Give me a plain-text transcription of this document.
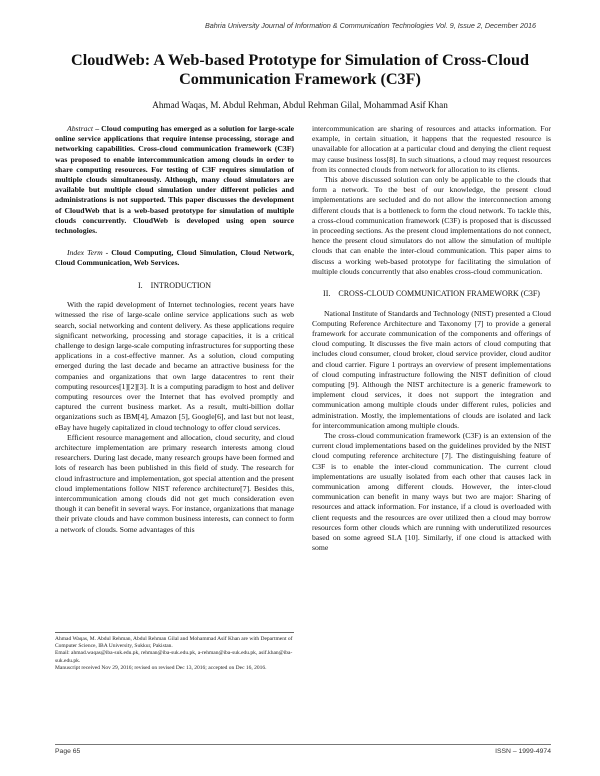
Bahria University Journal of Information & Communication Technologies Vol. 9, Issue 2, December 2016
CloudWeb: A Web-based Prototype for Simulation of Cross-Cloud Communication Framework (C3F)
Ahmad Waqas, M. Abdul Rehman, Abdul Rehman Gilal, Mohammad Asif Khan

Abstract – Cloud computing has emerged as a solution for large-scale online service applications that require intense processing, storage and networking capabilities. Cross-cloud communication framework (C3F) was proposed to enable intercommunication among clouds in order to share computing resources. For testing of C3F requires simulation of multiple clouds simultaneously. Although, many cloud simulators are available but multiple cloud simulation under different policies and administrations is not supported. This paper discusses the development of CloudWeb that is a web-based prototype for simulation of multiple clouds concurrently. CloudWeb is developed using open source technologies.

Index Term - Cloud Computing, Cloud Simulation, Cloud Network, Cloud Communication, Web Services.

I. INTRODUCTION

With the rapid development of Internet technologies, recent years have witnessed the rise of large-scale online service applications such as web search, social networking and content delivery. As these applications require significant networking, processing and storage capacities, it is a critical challenge to design large-scale computing infrastructures for supporting these applications in a cost-effective manner. As a solution, cloud computing emerged during the last decade and became an attractive business for the companies and organizations that own large datacentres to rent their computing resources[1][2][3]. It is a computing paradigm to host and deliver computing resources over the Internet that has evolved promptly and captured the current business market. As a result, multi-billion dollar organizations such as IBM[4], Amazon [5], Google[6], and last but not least, eBay have hugely capitalized in cloud technology to offer cloud services.

Efficient resource management and allocation, cloud security, and cloud architecture implementation are primary research interests among cloud researchers. During last decade, many research groups have been formed and lots of research has been published in this field of study. The research for cloud infrastructure and implementation, got special attention and the present cloud implementations follow NIST reference architecture[7]. Besides this, intercommunication among clouds did not get much consideration even though it can benefit in several ways. For instance, organizations that manage their private clouds and have common business interests, can connect to form a network of clouds. Some advantages of this

intercommunication are sharing of resources and attacks information. For example, in certain situation, it happens that the requested resource is unavailable for allocation at a particular cloud and denying the client request may cause business loss[8]. In such situations, a cloud may request resources from its connected clouds from network for allocation to its clients.

This above discussed solution can only be applicable to the clouds that form a network. To the best of our knowledge, the present cloud implementations are secluded and do not allow the interconnection among different clouds that is a bottleneck to form the cloud network. To tackle this, a cross-cloud communication framework (C3F) is proposed that is discussed in proceeding sections. As the present cloud implementations do not connect, hence the present cloud simulators do not allow the simulation of multiple clouds that can enable the inter-cloud communication. This paper aims to discuss a working web-based prototype for facilitating the simulation of multiple clouds concurrently that also enables cross-cloud communication.

II. CROSS-CLOUD COMMUNICATION FRAMEWORK (C3F)

National Institute of Standards and Technology (NIST) presented a Cloud Computing Reference Architecture and Taxonomy [7] to provide a general framework for accurate communication of the components and offerings of cloud computing. It discusses the five main actors of cloud computing that includes cloud consumer, cloud broker, cloud service provider, cloud auditor and cloud carrier. Figure 1 portrays an overview of present implementations of cloud computing infrastructure following the NIST definition of cloud computing [9]. Although the NIST architecture is a generic framework to implement cloud services, it does not support the integration and communication among multiple clouds under different rules, policies and administration. Mostly, the implementations of clouds are isolated and lack for intercommunication among multiple clouds.

The cross-cloud communication framework (C3F) is an extension of the current cloud implementations based on the guidelines provided by the NIST cloud computing reference architecture [7]. The distinguishing feature of C3F is to enable the inter-cloud communication. The current cloud implementations are usually isolated from each other that causes lack in communication among different clouds. However, the inter-cloud communication can benefit in many ways but two are major: Sharing of resources and attack information. For instance, if a cloud is overloaded with client requests and the resources are over utilized then a cloud may borrow resources form other clouds which are running with underutilized resources based on some agreed SLA [10]. Similarly, if one cloud is attacked with some

Ahmad Waqas, M. Abdul Rehman, Abdul Rehman Gilal and Mohammad Asif Khan are with Department of Computer Science, IBA University, Sukkur, Pakistan.

Email: ahmad.waqas@iba-suk.edu.pk, rehman@iba-suk.edu.pk, a-rehman@iba-suk.edu.pk, asif.khan@iba-suk.edu.pk.

Manuscript received Nov 29, 2016; revised on revised Dec 13, 2016; accepted on Dec 16, 2016.

Page 65	ISSN – 1999-4974
